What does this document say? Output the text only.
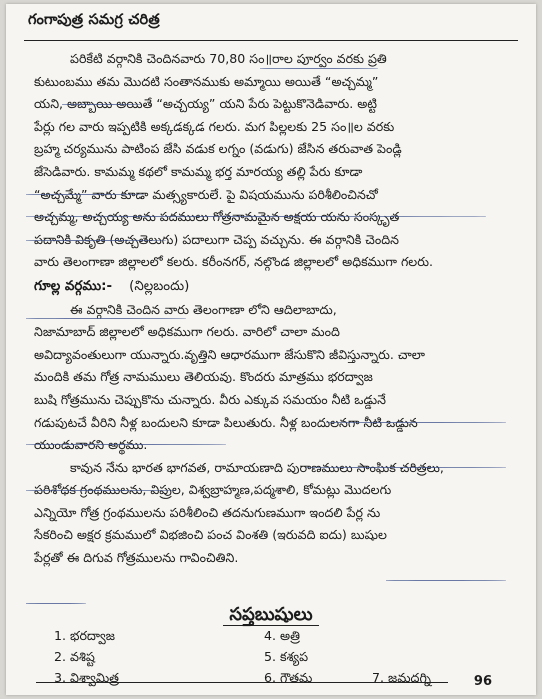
గంగాపుత్ర సమగ్ర చరిత్ర
పరికేటి వర్గానికి చెందినవారు 70,80 సం॥రాల పూర్వం వరకు ప్రతి
కుటుంబము తమ మొదటి సంతానముకు అమ్మాయి అయితే “అచ్చమ్మ”
యని, అబ్బాయి అయితే “అచ్చయ్య” యని పేరు పెట్టుకొనెడివారు. అట్టి
పేర్లు గల వారు ఇప్పటికి అక్కడక్కడ గలరు. మగ పిల్లలకు 25 సం॥ల వరకు
బ్రహ్మ చర్యమును పాటింప జేసి వడుక లగ్నం (వడుగు) జేసిన తరువాత పెండ్లి
జేసెడివారు. కామమ్మ కథలో కామమ్మ భర్త మారయ్య తల్లి పేరు కూడా
“అచ్చమ్మే” వారు కూడా మత్స్యకారులే. పై విషయమును పరిశీలించినచో
అచ్చమ్మ, అచ్చయ్య అను పదములు గోత్రనామమైన అక్షయ యను సంస్కృత
పదానికి వికృతి (అచ్చతెలుగు) పదాలుగా చెప్ప వచ్చును. ఈ వర్గానికి చెందిన
వారు తెలంగాణా జిల్లాలలో కలరు. కరీంనగర్, నల్గొండ జిల్లాలలో అధికముగా గలరు.
గూల్ల వర్గము:- (నిల్లబందు)
ఈ వర్గానికి చెందిన వారు తెలంగాణా లోని ఆదిలాబాదు,
నిజామాబాద్ జిల్లాలలో అధికముగా గలరు. వారిలో చాలా మంది
అవిద్యావంతులుగా యున్నారు.వృత్తిని ఆధారముగా జేసుకొని జీవిస్తున్నారు. చాలా
మందికి తమ గోత్ర నామములు తెలియవు. కొందరు మాత్రము భరద్వాజ
బుషి గోత్రమును చెప్పుకొను చున్నారు. వీరు ఎక్కువ సమయం నీటి ఒడ్డునే
గడుపుటచే వీరిని నీళ్ల బందులని కూడా పిలుతురు. నీళ్ల బందులనగా నీటి ఒడ్డున
యుండువారని అర్థము.
కావున నేను భారత భాగవత, రామాయణాది పురాణములు సాంఘిక చరిత్రలు,
పరిశోధక గ్రంథములను, విప్రుల, విశ్వబ్రాహ్మణ,పద్మశాలి, కోమట్లు మొదలగు
ఎన్నియో గోత్ర గ్రంథములను పరిశీలించి తదనుగుణముగా ఇందలి పేర్ల ను
సేకరించి అక్షర క్రమములో విభజించి పంచ వింశతి (ఇరువది ఐదు) బుషుల
పేర్లతో ఈ దిగువ గోత్రములను గావించితిని.
సప్తబుషులు
1. భరద్వాజ	4. అత్రి
2. వశిష్ట	5. కశ్యప
3. విశ్వామిత్ర	6. గౌతమ	7. జమదగ్ని	96
